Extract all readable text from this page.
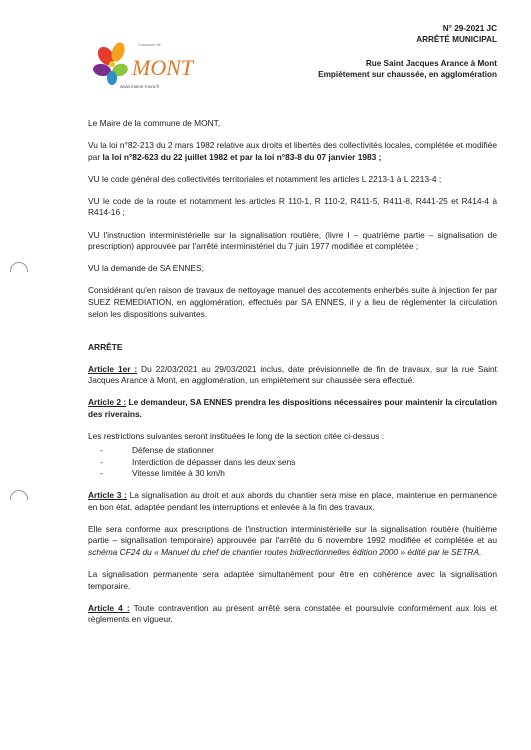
MONT
Commune de
www.mairie-mont.fr
N° 29-2021 JC
ARRÊTÉ MUNICIPAL
Rue Saint Jacques Arance à Mont
Empiètement sur chaussée, en agglomération

Le Maire de la commune de MONT,

Vu la loi n°82-213 du 2 mars 1982 relative aux droits et libertés des collectivités locales, complétée et modifiée par la loi n°82-623 du 22 juillet 1982 et par la loi n°83-8 du 07 janvier 1983 ;

VU le code général des collectivités territoriales et notamment les articles L 2213-1 à L 2213-4 ;

VU le code de la route et notamment les articles R 110-1, R 110-2, R411-5, R411-8, R441-25 et R414-4 à R414-16 ;

VU l'instruction interministérielle sur la signalisation routière, (livre I – quatrième partie – signalisation de prescription) approuvée par l'arrêté interministériel du 7 juin 1977 modifiée et complétée ;

VU la demande de SA ENNES;

Considérant qu'en raison de travaux de nettoyage manuel des accotements enherbés suite à injection fer par SUEZ REMEDIATION, en agglomération, effectués par SA ENNES, il y a lieu de réglementer la circulation selon les dispositions suivantes.

ARRÊTE

Article 1er : Du 22/03/2021 au 29/03/2021 inclus, date prévisionnelle de fin de travaux, sur la rue Saint Jacques Arance à Mont, en agglomération, un empiètement sur chaussée sera effectué.

Article 2 : Le demandeur, SA ENNES prendra les dispositions nécessaires pour maintenir la circulation des riverains.

Les restrictions suivantes seront instituées le long de la section citée ci-dessus :

- Défense de stationner
- Interdiction de dépasser dans les deux sens
- Vitesse limitée à 30 km/h

Article 3 : La signalisation au droit et aux abords du chantier sera mise en place, maintenue en permanence en bon état, adaptée pendant les interruptions et enlevée à la fin des travaux.

Elle sera conforme aux prescriptions de l'instruction interministérielle sur la signalisation routière (huitième partie – signalisation temporaire) approuvée par l'arrêté du 6 novembre 1992 modifiée et complétée et au schéma CF24 du « Manuel du chef de chantier routes bidirectionnelles édition 2000 » édité par le SETRA.

La signalisation permanente sera adaptée simultanément pour être en cohérence avec la signalisation temporaire.

Article 4 : Toute contravention au présent arrêté sera constatée et poursuivie conformément aux lois et règlements en vigueur.
